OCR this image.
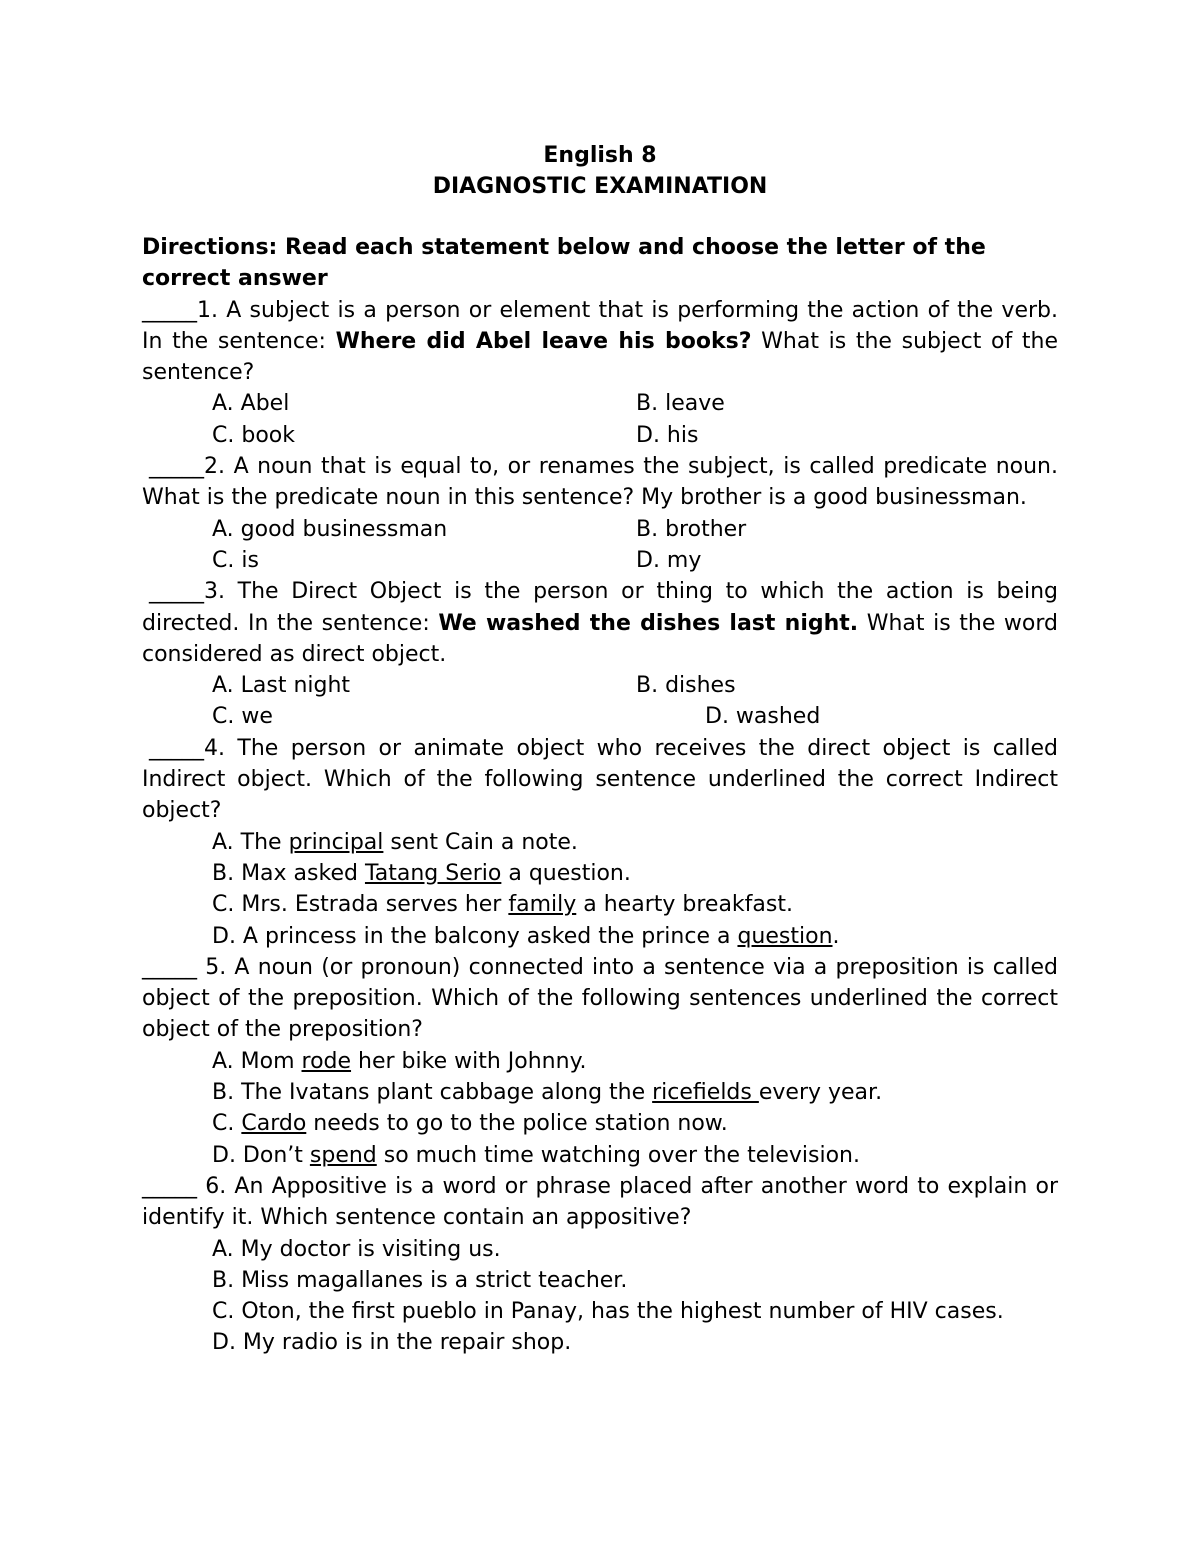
English 8
DIAGNOSTIC EXAMINATION
Directions: Read each statement below and choose the letter of the correct answer
_____1. A subject is a person or element that is performing the action of the verb. In the sentence: Where did Abel leave his books? What is the subject of the sentence?
A. Abel	B. leave
C. book	D. his
_____2. A noun that is equal to, or renames the subject, is called predicate noun. What is the predicate noun in this sentence? My brother is a good businessman.
A. good businessman	B. brother
C. is	D. my
_____3. The Direct Object is the person or thing to which the action is being directed. In the sentence: We washed the dishes last night. What is the word considered as direct object.
A. Last night	B. dishes
C. we	D. washed
_____4. The person or animate object who receives the direct object is called Indirect object. Which of the following sentence underlined the correct Indirect object?
A. The principal sent Cain a note.
B. Max asked Tatang Serio a question.
C. Mrs. Estrada serves her family a hearty breakfast.
D. A princess in the balcony asked the prince a question.
_____ 5. A noun (or pronoun) connected into a sentence via a preposition is called object of the preposition. Which of the following sentences underlined the correct object of the preposition?
A. Mom rode her bike with Johnny.
B. The Ivatans plant cabbage along the ricefields every year.
C. Cardo needs to go to the police station now.
D. Don’t spend so much time watching over the television.
_____ 6. An Appositive is a word or phrase placed after another word to explain or identify it. Which sentence contain an appositive?
A. My doctor is visiting us.
B. Miss magallanes is a strict teacher.
C. Oton, the first pueblo in Panay, has the highest number of HIV cases.
D. My radio is in the repair shop.
